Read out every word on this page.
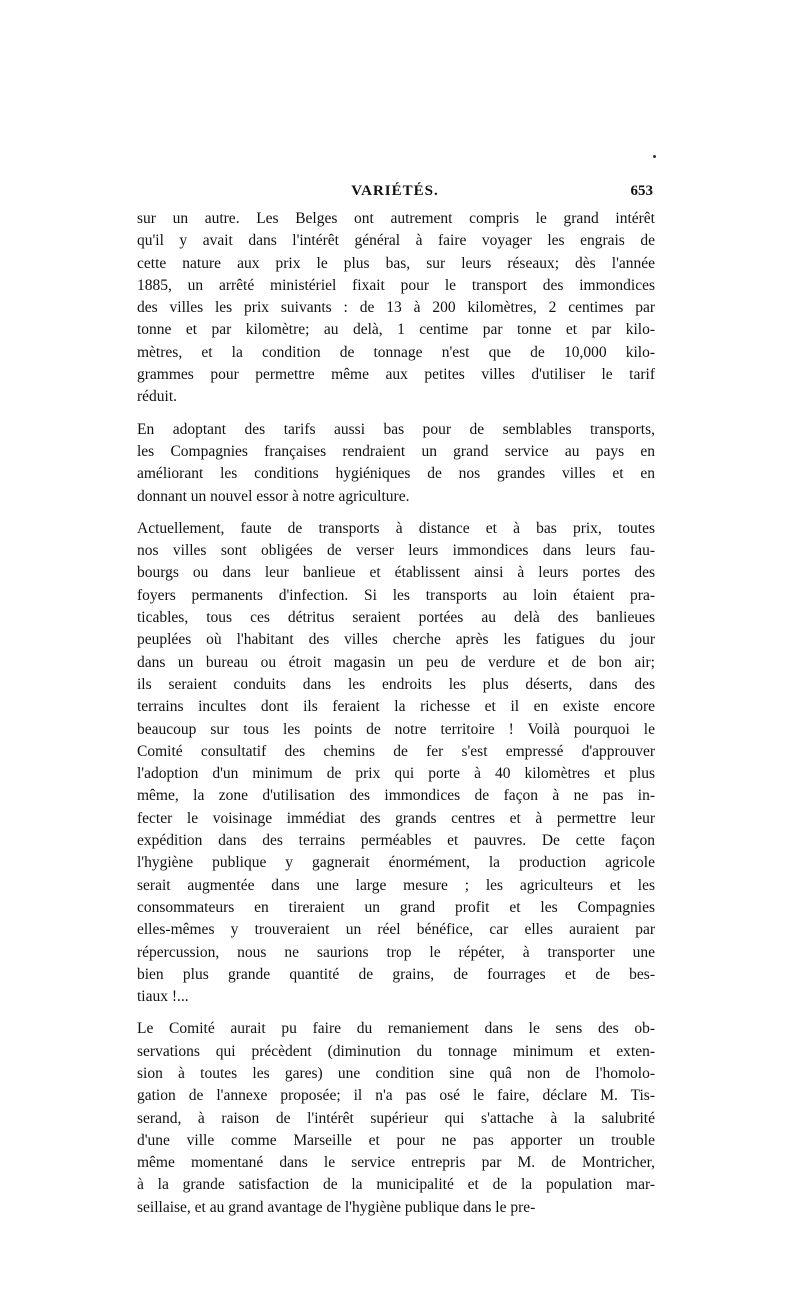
VARIÉTÉS.	653
sur un autre. Les Belges ont autrement compris le grand intérêt
qu'il y avait dans l'intérêt général à faire voyager les engrais de
cette nature aux prix le plus bas, sur leurs réseaux; dès l'année
1885, un arrêté ministériel fixait pour le transport des immondices
des villes les prix suivants : de 13 à 200 kilomètres, 2 centimes par
tonne et par kilomètre; au delà, 1 centime par tonne et par kilo-
mètres, et la condition de tonnage n'est que de 10,000 kilo-
grammes pour permettre même aux petites villes d'utiliser le tarif
réduit.
En adoptant des tarifs aussi bas pour de semblables transports,
les Compagnies françaises rendraient un grand service au pays en
améliorant les conditions hygiéniques de nos grandes villes et en
donnant un nouvel essor à notre agriculture.
Actuellement, faute de transports à distance et à bas prix, toutes
nos villes sont obligées de verser leurs immondices dans leurs fau-
bourgs ou dans leur banlieue et établissent ainsi à leurs portes des
foyers permanents d'infection. Si les transports au loin étaient pra-
ticables, tous ces détritus seraient portées au delà des banlieues
peuplées où l'habitant des villes cherche après les fatigues du jour
dans un bureau ou étroit magasin un peu de verdure et de bon air;
ils seraient conduits dans les endroits les plus déserts, dans des
terrains incultes dont ils feraient la richesse et il en existe encore
beaucoup sur tous les points de notre territoire ! Voilà pourquoi le
Comité consultatif des chemins de fer s'est empressé d'approuver
l'adoption d'un minimum de prix qui porte à 40 kilomètres et plus
même, la zone d'utilisation des immondices de façon à ne pas in-
fecter le voisinage immédiat des grands centres et à permettre leur
expédition dans des terrains perméables et pauvres. De cette façon
l'hygiène publique y gagnerait énormément, la production agricole
serait augmentée dans une large mesure ; les agriculteurs et les
consommateurs en tireraient un grand profit et les Compagnies
elles-mêmes y trouveraient un réel bénéfice, car elles auraient par
répercussion, nous ne saurions trop le répéter, à transporter une
bien plus grande quantité de grains, de fourrages et de bes-
tiaux !...
Le Comité aurait pu faire du remaniement dans le sens des ob-
servations qui précèdent (diminution du tonnage minimum et exten-
sion à toutes les gares) une condition sine quâ non de l'homolo-
gation de l'annexe proposée; il n'a pas osé le faire, déclare M. Tis-
serand, à raison de l'intérêt supérieur qui s'attache à la salubrité
d'une ville comme Marseille et pour ne pas apporter un trouble
même momentané dans le service entrepris par M. de Montricher,
à la grande satisfaction de la municipalité et de la population mar-
seillaise, et au grand avantage de l'hygiène publique dans le pre-
